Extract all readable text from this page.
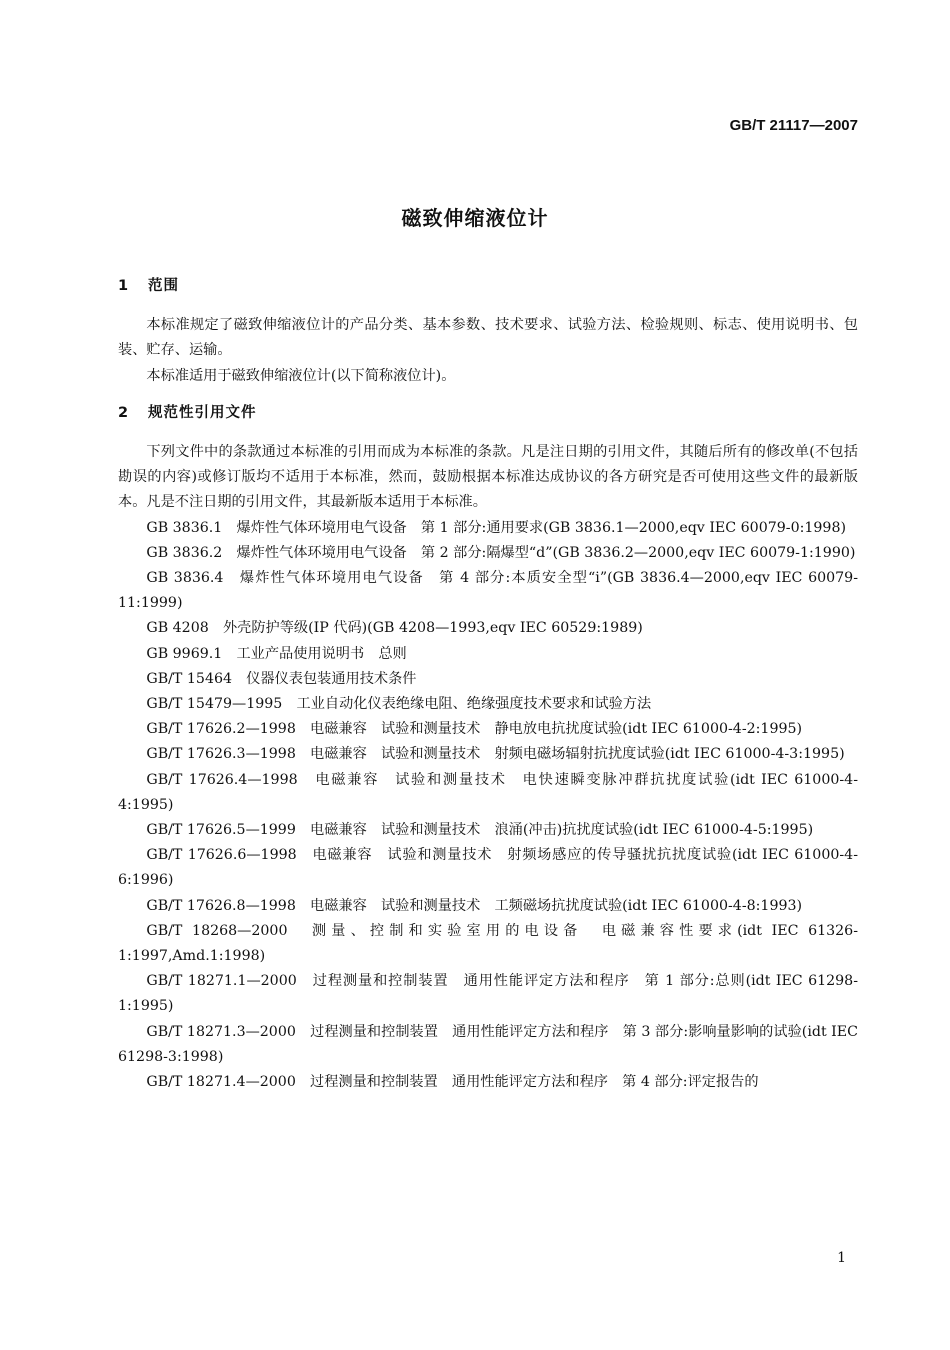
GB/T 21117—2007
磁致伸缩液位计
1 范围

本标准规定了磁致伸缩液位计的产品分类、基本参数、技术要求、试验方法、检验规则、标志、使用说明书、包装、贮存、运输。

本标准适用于磁致伸缩液位计(以下简称液位计)。

2 规范性引用文件

下列文件中的条款通过本标准的引用而成为本标准的条款。凡是注日期的引用文件，其随后所有的修改单(不包括勘误的内容)或修订版均不适用于本标准，然而，鼓励根据本标准达成协议的各方研究是否可使用这些文件的最新版本。凡是不注日期的引用文件，其最新版本适用于本标准。

GB 3836.1　爆炸性气体环境用电气设备　第 1 部分:通用要求(GB 3836.1—2000,eqv IEC 60079-0:1998)

GB 3836.2　爆炸性气体环境用电气设备　第 2 部分:隔爆型“d”(GB 3836.2—2000,eqv IEC 60079-1:1990)

GB 3836.4　爆炸性气体环境用电气设备　第 4 部分:本质安全型“i”(GB 3836.4—2000,eqv IEC 60079-11:1999)

GB 4208　外壳防护等级(IP 代码)(GB 4208—1993,eqv IEC 60529:1989)

GB 9969.1　工业产品使用说明书　总则

GB/T 15464　仪器仪表包装通用技术条件

GB/T 15479—1995　工业自动化仪表绝缘电阻、绝缘强度技术要求和试验方法

GB/T 17626.2—1998　电磁兼容　试验和测量技术　静电放电抗扰度试验(idt IEC 61000-4-2:1995)

GB/T 17626.3—1998　电磁兼容　试验和测量技术　射频电磁场辐射抗扰度试验(idt IEC 61000-4-3:1995)

GB/T 17626.4—1998　电磁兼容　试验和测量技术　电快速瞬变脉冲群抗扰度试验(idt IEC 61000-4-4:1995)

GB/T 17626.5—1999　电磁兼容　试验和测量技术　浪涌(冲击)抗扰度试验(idt IEC 61000-4-5:1995)

GB/T 17626.6—1998　电磁兼容　试验和测量技术　射频场感应的传导骚扰抗扰度试验(idt IEC 61000-4-6:1996)

GB/T 17626.8—1998　电磁兼容　试验和测量技术　工频磁场抗扰度试验(idt IEC 61000-4-8:1993)

GB/T 18268—2000　测量、控制和实验室用的电设备　电磁兼容性要求(idt IEC 61326-1:1997,Amd.1:1998)

GB/T 18271.1—2000　过程测量和控制装置　通用性能评定方法和程序　第 1 部分:总则(idt IEC 61298-1:1995)

GB/T 18271.3—2000　过程测量和控制装置　通用性能评定方法和程序　第 3 部分:影响量影响的试验(idt IEC 61298-3:1998)

GB/T 18271.4—2000　过程测量和控制装置　通用性能评定方法和程序　第 4 部分:评定报告的

1
